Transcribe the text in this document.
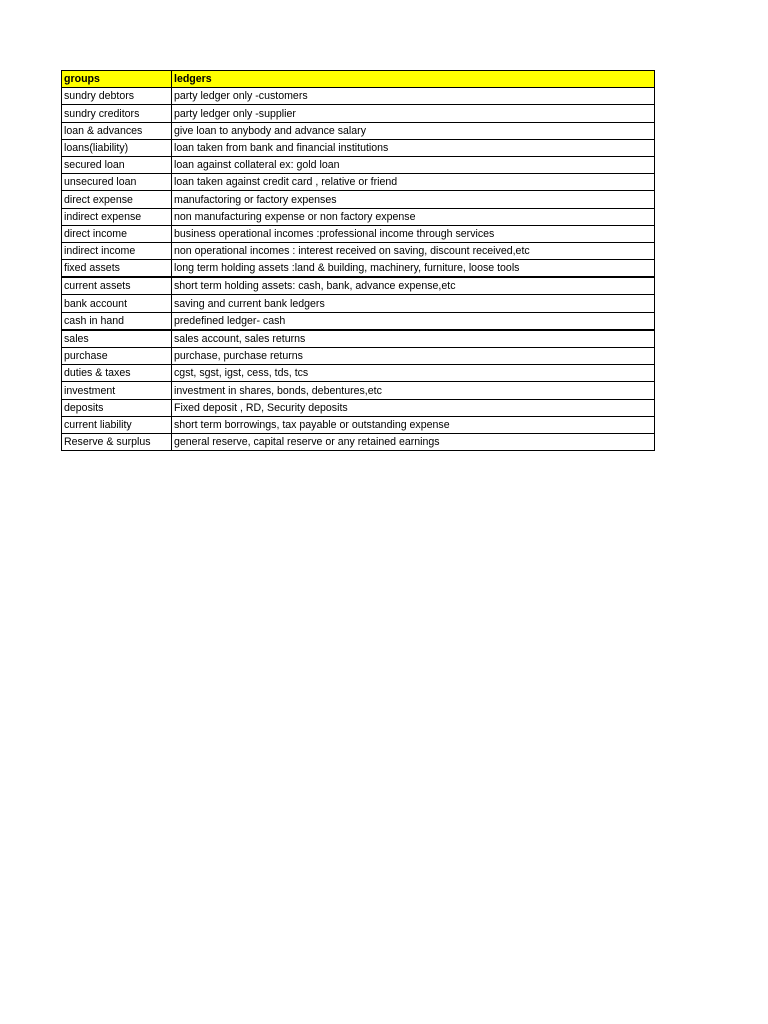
groups	ledgers
sundry debtors	party ledger only -customers
sundry creditors	party ledger only -supplier
loan & advances	give loan to anybody and advance salary
loans(liability)	loan taken from bank and financial institutions
secured loan	loan against collateral ex: gold loan
unsecured loan	loan taken against credit card , relative or friend
direct expense	manufactoring or factory expenses
indirect expense	non manufacturing expense or non factory expense
direct income	business operational incomes :professional income through services
indirect income	non operational incomes : interest received on saving, discount received,etc
fixed assets	long term holding assets :land & building, machinery, furniture, loose tools
current assets	short term holding assets: cash, bank, advance expense,etc
bank account	saving and current bank ledgers
cash in hand	predefined ledger- cash
sales	sales account, sales returns
purchase	purchase, purchase returns
duties & taxes	cgst, sgst, igst, cess, tds, tcs
investment	investment in shares, bonds, debentures,etc
deposits	Fixed deposit , RD, Security deposits
current liability	short term borrowings, tax payable or outstanding expense
Reserve & surplus	general reserve, capital reserve or any retained earnings
